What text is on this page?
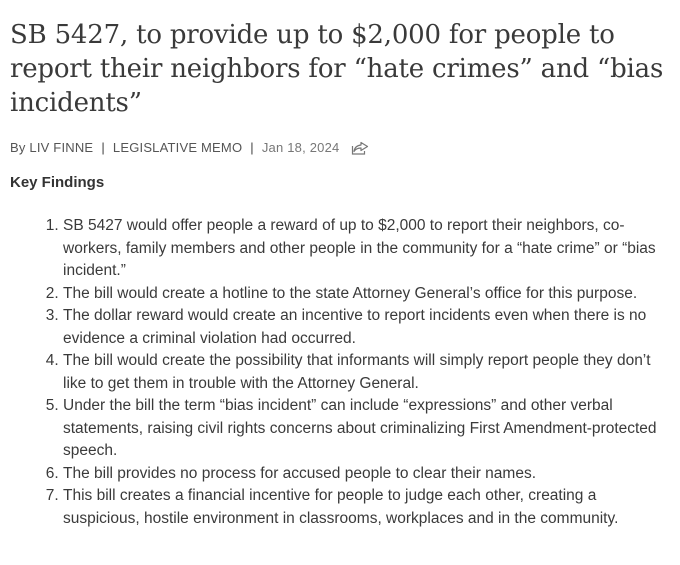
SB 5427, to provide up to $2,000 for people to report their neighbors for “hate crimes” and “bias incidents”
By LIV FINNE | LEGISLATIVE MEMO | Jan 18, 2024
Key Findings
1. SB 5427 would offer people a reward of up to $2,000 to report their neighbors, co-workers, family members and other people in the community for a “hate crime” or “bias incident.”
2. The bill would create a hotline to the state Attorney General’s office for this purpose.
3. The dollar reward would create an incentive to report incidents even when there is no evidence a criminal violation had occurred.
4. The bill would create the possibility that informants will simply report people they don’t like to get them in trouble with the Attorney General.
5. Under the bill the term “bias incident” can include “expressions” and other verbal statements, raising civil rights concerns about criminalizing First Amendment-protected speech.
6. The bill provides no process for accused people to clear their names.
7. This bill creates a financial incentive for people to judge each other, creating a suspicious, hostile environment in classrooms, workplaces and in the community.
